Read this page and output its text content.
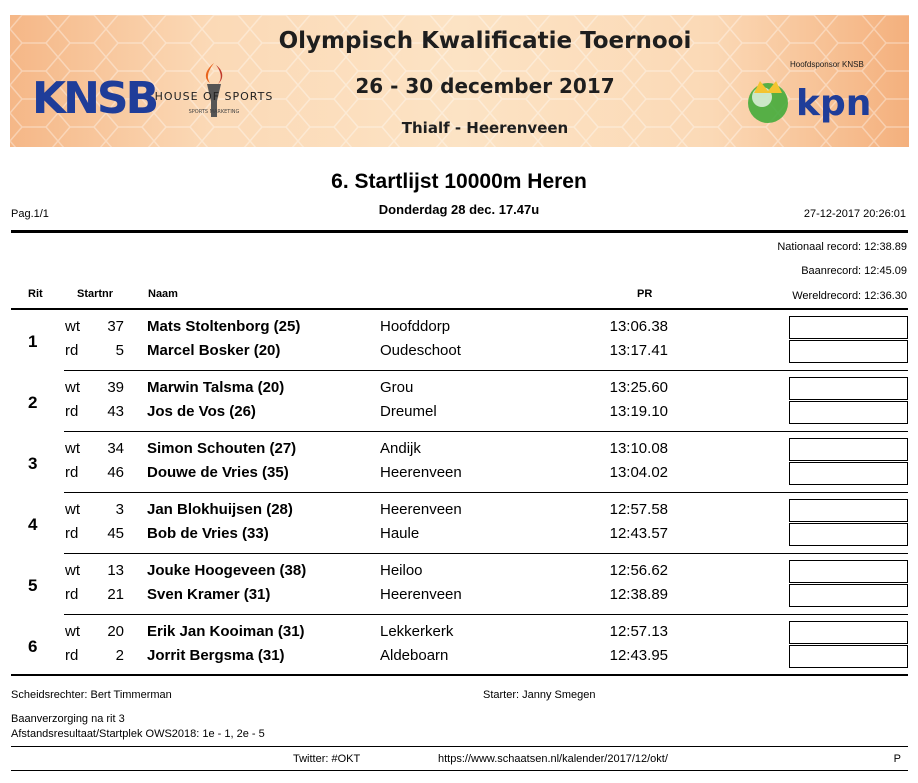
KNSB
HOUSE OF SPORTS
SPORTS MARKETING
Olympisch Kwalificatie Toernooi
26 - 30 december 2017
Thialf - Heerenveen
Hoofdsponsor KNSB
kpn
6. Startlijst 10000m Heren
Donderdag 28 dec. 17.47u
Pag.1/1	27-12-2017 20:26:01
Nationaal record: 12:38.89
Baanrecord: 12:45.09
Wereldrecord: 12:36.30
Rit	Startnr	Naam	PR
1
wt	37 Mats Stoltenborg (25)	Hoofddorp	13:06.38
rd	5 Marcel Bosker (20)	Oudeschoot	13:17.41
2
wt	39 Marwin Talsma (20)	Grou	13:25.60
rd	43 Jos de Vos (26)	Dreumel	13:19.10
3
wt	34 Simon Schouten (27)	Andijk	13:10.08
rd	46 Douwe de Vries (35)	Heerenveen	13:04.02
4
wt	3 Jan Blokhuijsen (28)	Heerenveen	12:57.58
rd	45 Bob de Vries (33)	Haule	12:43.57
5
wt	13 Jouke Hoogeveen (38)	Heiloo	12:56.62
rd	21 Sven Kramer (31)	Heerenveen	12:38.89
6
wt	20 Erik Jan Kooiman (31)	Lekkerkerk	12:57.13
rd	2 Jorrit Bergsma (31)	Aldeboarn	12:43.95
Scheidsrechter: Bert Timmerman	Starter: Janny Smegen
Baanverzorging na rit 3
Afstandsresultaat/Startplek OWS2018: 1e - 1, 2e - 5
Twitter: #OKT	https://www.schaatsen.nl/kalender/2017/12/okt/	P
